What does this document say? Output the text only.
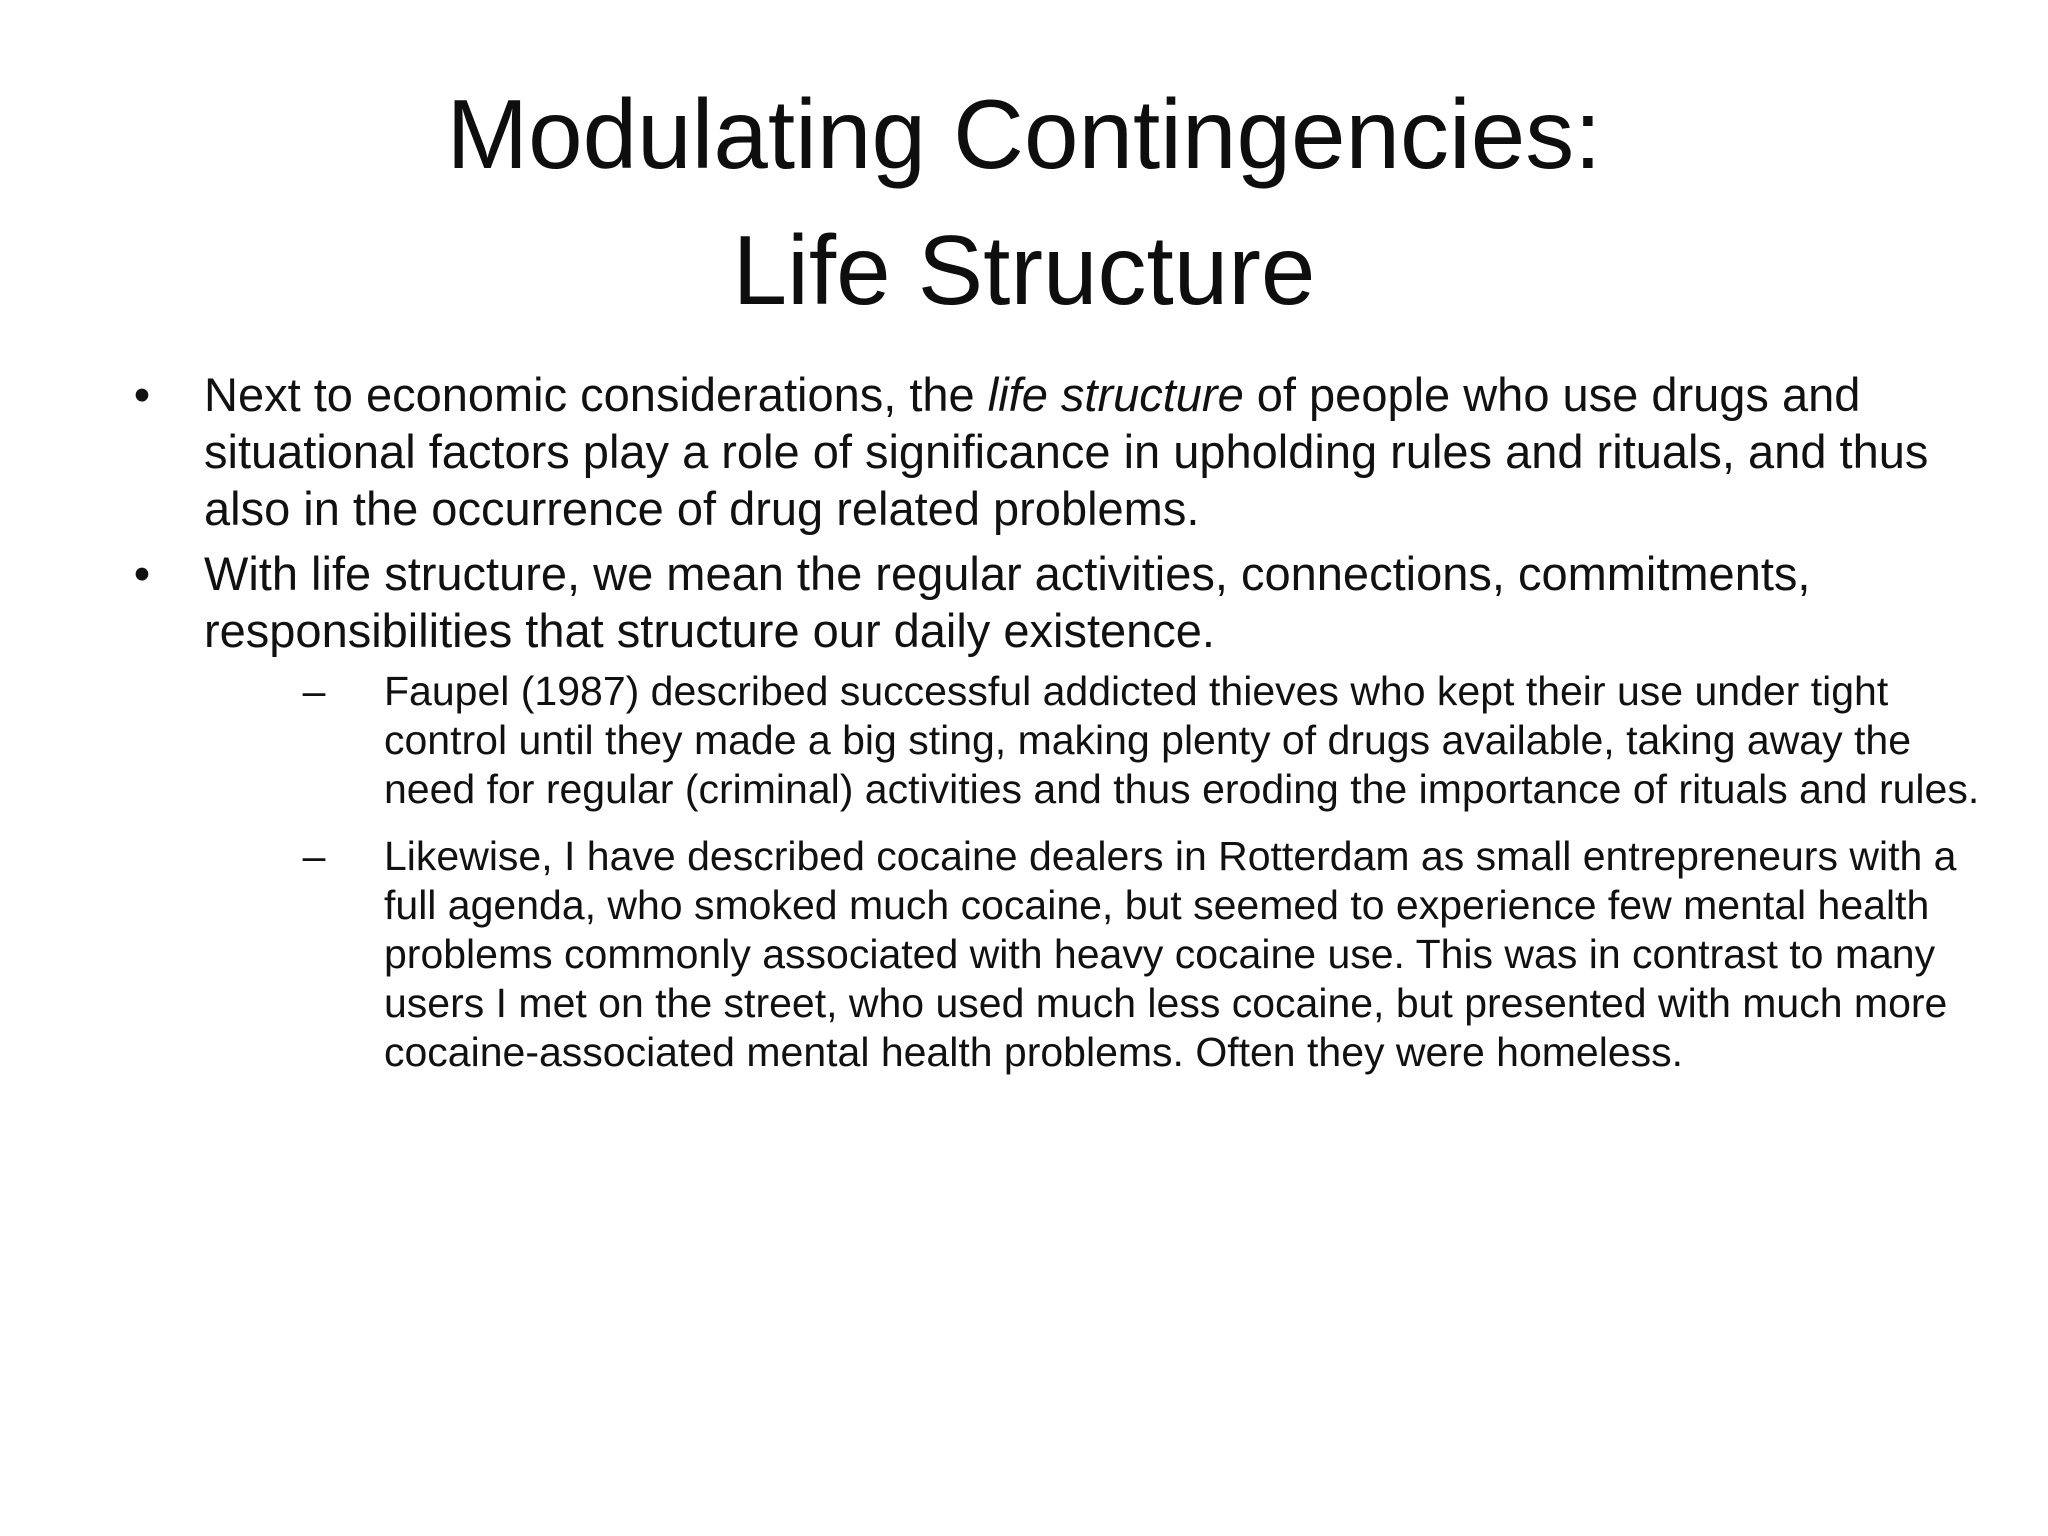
Modulating Contingencies:
Life Structure

• Next to economic considerations, the life structure of people who use drugs and situational factors play a role of significance in upholding rules and rituals, and thus also in the occurrence of drug related problems.

• With life structure, we mean the regular activities, connections, commitments, responsibilities that structure our daily existence.

– Faupel (1987) described successful addicted thieves who kept their use under tight control until they made a big sting, making plenty of drugs available, taking away the need for regular (criminal) activities and thus eroding the importance of rituals and rules.

– Likewise, I have described cocaine dealers in Rotterdam as small entrepreneurs with a full agenda, who smoked much cocaine, but seemed to experience few mental health problems commonly associated with heavy cocaine use. This was in contrast to many users I met on the street, who used much less cocaine, but presented with much more cocaine-associated mental health problems. Often they were homeless.
